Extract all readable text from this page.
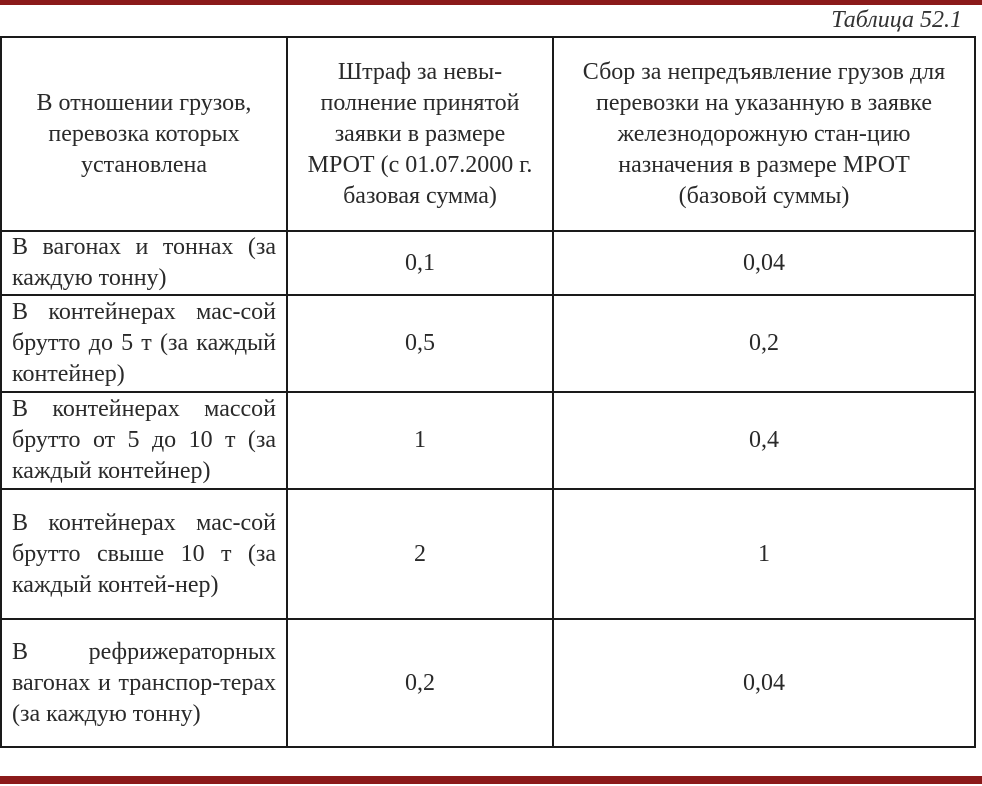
Таблица 52.1
В отношении грузов, перевозка которых установлена	Штраф за невы-полнение принятой заявки в размере МРОТ (с 01.07.2000 г. базовая сумма)	Сбор за непредъявление грузов для перевозки на указанную в заявке железнодорожную стан-цию назначения в размере МРОТ (базовой суммы)
В вагонах и тоннах (за каждую тонну)	0,1	0,04
В контейнерах мас-сой брутто до 5 т (за каждый контейнер)	0,5	0,2
В контейнерах массой брутто от 5 до 10 т (за каждый контейнер)	1	0,4
В контейнерах мас-сой брутто свыше 10 т (за каждый контей-нер)	2	1
В рефрижераторных вагонах и транспор-терах (за каждую тонну)	0,2	0,04
